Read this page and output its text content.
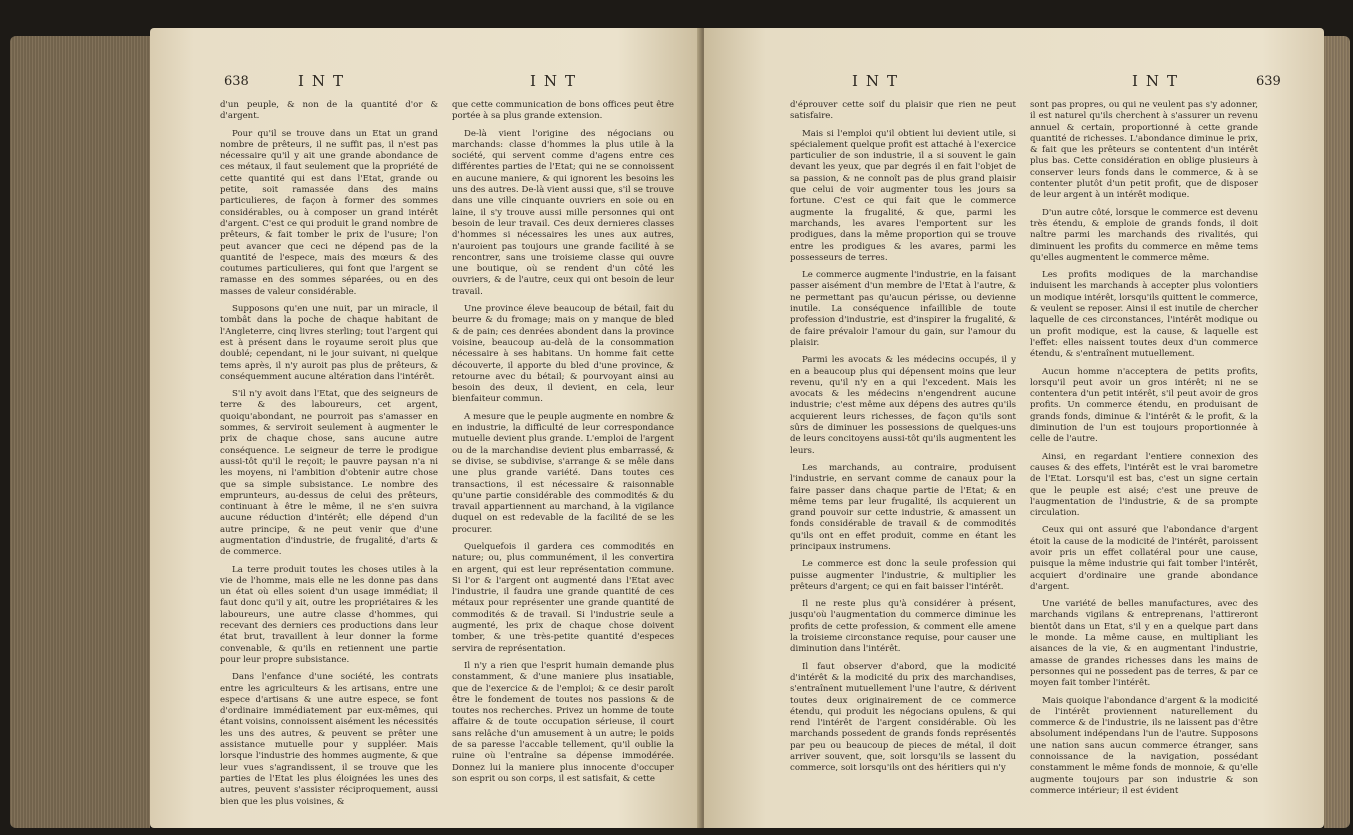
638	INT	INT

d'un peuple, & non de la quantité d'or & d'argent.

Pour qu'il se trouve dans un Etat un grand nombre de prêteurs, il ne suffit pas, il n'est pas nécessaire qu'il y ait une grande abondance de ces métaux, il faut seulement que la propriété de cette quantité qui est dans l'Etat, grande ou petite, soit ramassée dans des mains particulieres, de façon à former des sommes considérables, ou à composer un grand intérêt d'argent. C'est ce qui produit le grand nombre de prêteurs, & fait tomber le prix de l'usure; l'on peut avancer que ceci ne dépend pas de la quantité de l'espece, mais des mœurs & des coutumes particulieres, qui font que l'argent se ramasse en des sommes séparées, ou en des masses de valeur considérable.

Supposons qu'en une nuit, par un miracle, il tombât dans la poche de chaque habitant de l'Angleterre, cinq livres sterling; tout l'argent qui est à présent dans le royaume seroit plus que doublé; cependant, ni le jour suivant, ni quelque tems après, il n'y auroit pas plus de prêteurs, & conséquemment aucune altération dans l'intérêt.

S'il n'y avoit dans l'Etat, que des seigneurs de terre & des laboureurs, cet argent, quoiqu'abondant, ne pourroit pas s'amasser en sommes, & serviroit seulement à augmenter le prix de chaque chose, sans aucune autre conséquence. Le seigneur de terre le prodigue aussi-tôt qu'il le reçoit; le pauvre paysan n'a ni les moyens, ni l'ambition d'obtenir autre chose que sa simple subsistance. Le nombre des emprunteurs, au-dessus de celui des prêteurs, continuant à être le même, il ne s'en suivra aucune réduction d'intérêt; elle dépend d'un autre principe, & ne peut venir que d'une augmentation d'industrie, de frugalité, d'arts & de commerce.

La terre produit toutes les choses utiles à la vie de l'homme, mais elle ne les donne pas dans un état où elles soient d'un usage immédiat; il faut donc qu'il y ait, outre les propriétaires & les laboureurs, une autre classe d'hommes, qui recevant des derniers ces productions dans leur état brut, travaillent à leur donner la forme convenable, & qu'ils en retiennent une partie pour leur propre subsistance.

Dans l'enfance d'une société, les contrats entre les agriculteurs & les artisans, entre une espece d'artisans & une autre espece, se font d'ordinaire immédiatement par eux-mêmes, qui étant voisins, connoissent aisément les nécessités les uns des autres, & peuvent se prêter une assistance mutuelle pour y suppléer. Mais lorsque l'industrie des hommes augmente, & que leur vues s'agrandissent, il se trouve que les parties de l'Etat les plus éloignées les unes des autres, peuvent s'assister réciproquement, aussi bien que les plus voisines, &

que cette communication de bons offices peut être portée à sa plus grande extension.

De-là vient l'origine des négocians ou marchands: classe d'hommes la plus utile à la société, qui servent comme d'agens entre ces différentes parties de l'Etat; qui ne se connoissent en aucune maniere, & qui ignorent les besoins les uns des autres. De-là vient aussi que, s'il se trouve dans une ville cinquante ouvriers en soie ou en laine, il s'y trouve aussi mille personnes qui ont besoin de leur travail. Ces deux dernieres classes d'hommes si nécessaires les unes aux autres, n'auroient pas toujours une grande facilité à se rencontrer, sans une troisieme classe qui ouvre une boutique, où se rendent d'un côté les ouvriers, & de l'autre, ceux qui ont besoin de leur travail.

Une province éleve beaucoup de bétail, fait du beurre & du fromage; mais on y manque de bled & de pain; ces denrées abondent dans la province voisine, beaucoup au-delà de la consommation nécessaire à ses habitans. Un homme fait cette découverte, il apporte du bled d'une province, & retourne avec du bétail; & pourvoyant ainsi au besoin des deux, il devient, en cela, leur bienfaiteur commun.

A mesure que le peuple augmente en nombre & en industrie, la difficulté de leur correspondance mutuelle devient plus grande. L'emploi de l'argent ou de la marchandise devient plus embarrassé, & se divise, se subdivise, s'arrange & se mêle dans une plus grande variété. Dans toutes ces transactions, il est nécessaire & raisonnable qu'une partie considérable des commodités & du travail appartiennent au marchand, à la vigilance duquel on est redevable de la facilité de se les procurer.

Quelquefois il gardera ces commodités en nature; ou, plus communément, il les convertira en argent, qui est leur représentation commune. Si l'or & l'argent ont augmenté dans l'Etat avec l'industrie, il faudra une grande quantité de ces métaux pour représenter une grande quantité de commodités & de travail. Si l'industrie seule a augmenté, les prix de chaque chose doivent tomber, & une très-petite quantité d'especes servira de représentation.

Il n'y a rien que l'esprit humain demande plus constamment, & d'une maniere plus insatiable, que de l'exercice & de l'emploi; & ce desir paroît être le fondement de toutes nos passions & de toutes nos recherches. Privez un homme de toute affaire & de toute occupation sérieuse, il court sans relâche d'un amusement à un autre; le poids de sa paresse l'accable tellement, qu'il oublie la ruine où l'entraîne sa dépense immodérée. Donnez lui la maniere plus innocente d'occuper son esprit ou son corps, il est satisfait, & cette

INT	INT	639

d'éprouver cette soif du plaisir que rien ne peut satisfaire.

Mais si l'emploi qu'il obtient lui devient utile, si spécialement quelque profit est attaché à l'exercice particulier de son industrie, il a si souvent le gain devant les yeux, que par degrés il en fait l'objet de sa passion, & ne connoît pas de plus grand plaisir que celui de voir augmenter tous les jours sa fortune. C'est ce qui fait que le commerce augmente la frugalité, & que, parmi les marchands, les avares l'emportent sur les prodigues, dans la même proportion qui se trouve entre les prodigues & les avares, parmi les possesseurs de terres.

Le commerce augmente l'industrie, en la faisant passer aisément d'un membre de l'Etat à l'autre, & ne permettant pas qu'aucun périsse, ou devienne inutile. La conséquence infaillible de toute profession d'industrie, est d'inspirer la frugalité, & de faire prévaloir l'amour du gain, sur l'amour du plaisir.

Parmi les avocats & les médecins occupés, il y en a beaucoup plus qui dépensent moins que leur revenu, qu'il n'y en a qui l'excedent. Mais les avocats & les médecins n'engendrent aucune industrie; c'est même aux dépens des autres qu'ils acquierent leurs richesses, de façon qu'ils sont sûrs de diminuer les possessions de quelques-uns de leurs concitoyens aussi-tôt qu'ils augmentent les leurs.

Les marchands, au contraire, produisent l'industrie, en servant comme de canaux pour la faire passer dans chaque partie de l'Etat; & en même tems par leur frugalité, ils acquierent un grand pouvoir sur cette industrie, & amassent un fonds considérable de travail & de commodités qu'ils ont en effet produit, comme en étant les principaux instrumens.

Le commerce est donc la seule profession qui puisse augmenter l'industrie, & multiplier les prêteurs d'argent; ce qui en fait baisser l'intérêt.

Il ne reste plus qu'à considérer à présent, jusqu'où l'augmentation du commerce diminue les profits de cette profession, & comment elle amene la troisieme circonstance requise, pour causer une diminution dans l'intérêt.

Il faut observer d'abord, que la modicité d'intérêt & la modicité du prix des marchandises, s'entraînent mutuellement l'une l'autre, & dérivent toutes deux originairement de ce commerce étendu, qui produit les négocians opulens, & qui rend l'intérêt de l'argent considérable. Où les marchands possedent de grands fonds représentés par peu ou beaucoup de pieces de métal, il doit arriver souvent, que, soit lorsqu'ils se lassent du commerce, soit lorsqu'ils ont des héritiers qui n'y

sont pas propres, ou qui ne veulent pas s'y adonner, il est naturel qu'ils cherchent à s'assurer un revenu annuel & certain, proportionné à cette grande quantité de richesses. L'abondance diminue le prix, & fait que les prêteurs se contentent d'un intérêt plus bas. Cette considération en oblige plusieurs à conserver leurs fonds dans le commerce, & à se contenter plutôt d'un petit profit, que de disposer de leur argent à un intérêt modique.

D'un autre côté, lorsque le commerce est devenu très étendu, & emploie de grands fonds, il doit naître parmi les marchands des rivalités, qui diminuent les profits du commerce en même tems qu'elles augmentent le commerce même.

Les profits modiques de la marchandise induisent les marchands à accepter plus volontiers un modique intérêt, lorsqu'ils quittent le commerce, & veulent se reposer. Ainsi il est inutile de chercher laquelle de ces circonstances, l'intérêt modique ou un profit modique, est la cause, & laquelle est l'effet: elles naissent toutes deux d'un commerce étendu, & s'entraînent mutuellement.

Aucun homme n'acceptera de petits profits, lorsqu'il peut avoir un gros intérêt; ni ne se contentera d'un petit intérêt, s'il peut avoir de gros profits. Un commerce étendu, en produisant de grands fonds, diminue & l'intérêt & le profit, & la diminution de l'un est toujours proportionnée à celle de l'autre.

Ainsi, en regardant l'entiere connexion des causes & des effets, l'intérêt est le vrai barometre de l'Etat. Lorsqu'il est bas, c'est un signe certain que le peuple est aisé; c'est une preuve de l'augmentation de l'industrie, & de sa prompte circulation.

Ceux qui ont assuré que l'abondance d'argent étoit la cause de la modicité de l'intérêt, paroissent avoir pris un effet collatéral pour une cause, puisque la même industrie qui fait tomber l'intérêt, acquiert d'ordinaire une grande abondance d'argent.

Une variété de belles manufactures, avec des marchands vigilans & entreprenans, l'attireront bientôt dans un Etat, s'il y en a quelque part dans le monde. La même cause, en multipliant les aisances de la vie, & en augmentant l'industrie, amasse de grandes richesses dans les mains de personnes qui ne possedent pas de terres, & par ce moyen fait tomber l'intérêt.

Mais quoique l'abondance d'argent & la modicité de l'intérêt proviennent naturellement du commerce & de l'industrie, ils ne laissent pas d'être absolument indépendans l'un de l'autre. Supposons une nation sans aucun commerce étranger, sans connoissance de la navigation, possédant constamment le même fonds de monnoie, & qu'elle augmente toujours par son industrie & son commerce intérieur; il est évident
